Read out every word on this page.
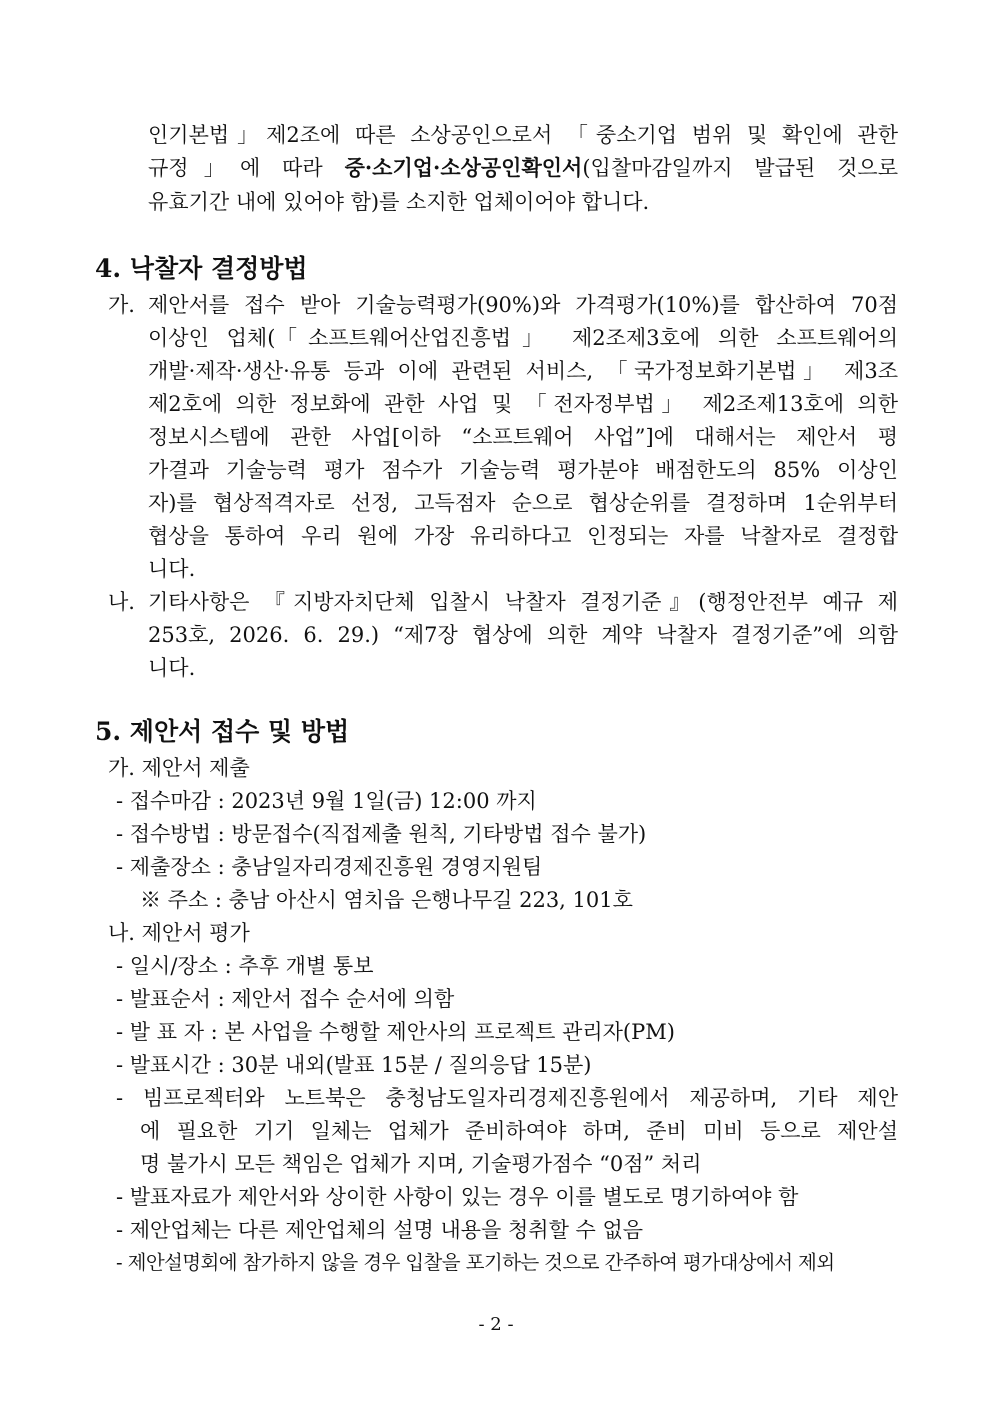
인기본법」제2조에 따른 소상공인으로서 「중소기업 범위 및 확인에 관한
규정」에 따라 중·소기업·소상공인확인서(입찰마감일까지 발급된 것으로
유효기간 내에 있어야 함)를 소지한 업체이어야 합니다.
4. 낙찰자 결정방법
가. 제안서를 접수 받아 기술능력평가(90%)와 가격평가(10%)를 합산하여 70점
이상인 업체(「소프트웨어산업진흥법」 제2조제3호에 의한 소프트웨어의
개발·제작·생산·유통 등과 이에 관련된 서비스, 「국가정보화기본법」 제3조
제2호에 의한 정보화에 관한 사업 및 「전자정부법」 제2조제13호에 의한
정보시스템에 관한 사업[이하 “소프트웨어 사업”]에 대해서는 제안서 평
가결과 기술능력 평가 점수가 기술능력 평가분야 배점한도의 85% 이상인
자)를 협상적격자로 선정, 고득점자 순으로 협상순위를 결정하며 1순위부터
협상을 통하여 우리 원에 가장 유리하다고 인정되는 자를 낙찰자로 결정합
니다.
나. 기타사항은 『지방자치단체 입찰시 낙찰자 결정기준』(행정안전부 예규 제
253호, 2026. 6. 29.) “제7장 협상에 의한 계약 낙찰자 결정기준”에 의함
니다.
5. 제안서 접수 및 방법
가. 제안서 제출
- 접수마감 : 2023년 9월 1일(금) 12:00 까지
- 접수방법 : 방문접수(직접제출 원칙, 기타방법 접수 불가)
- 제출장소 : 충남일자리경제진흥원 경영지원팀
※ 주소 : 충남 아산시 염치읍 은행나무길 223, 101호
나. 제안서 평가
- 일시/장소 : 추후 개별 통보
- 발표순서 : 제안서 접수 순서에 의함
- 발 표 자 : 본 사업을 수행할 제안사의 프로젝트 관리자(PM)
- 발표시간 : 30분 내외(발표 15분 / 질의응답 15분)
- 빔프로젝터와 노트북은 충청남도일자리경제진흥원에서 제공하며, 기타 제안
에 필요한 기기 일체는 업체가 준비하여야 하며, 준비 미비 등으로 제안설
명 불가시 모든 책임은 업체가 지며, 기술평가점수 “0점” 처리
- 발표자료가 제안서와 상이한 사항이 있는 경우 이를 별도로 명기하여야 함
- 제안업체는 다른 제안업체의 설명 내용을 청취할 수 없음
- 제안설명회에 참가하지 않을 경우 입찰을 포기하는 것으로 간주하여 평가대상에서 제외
- 2 -
